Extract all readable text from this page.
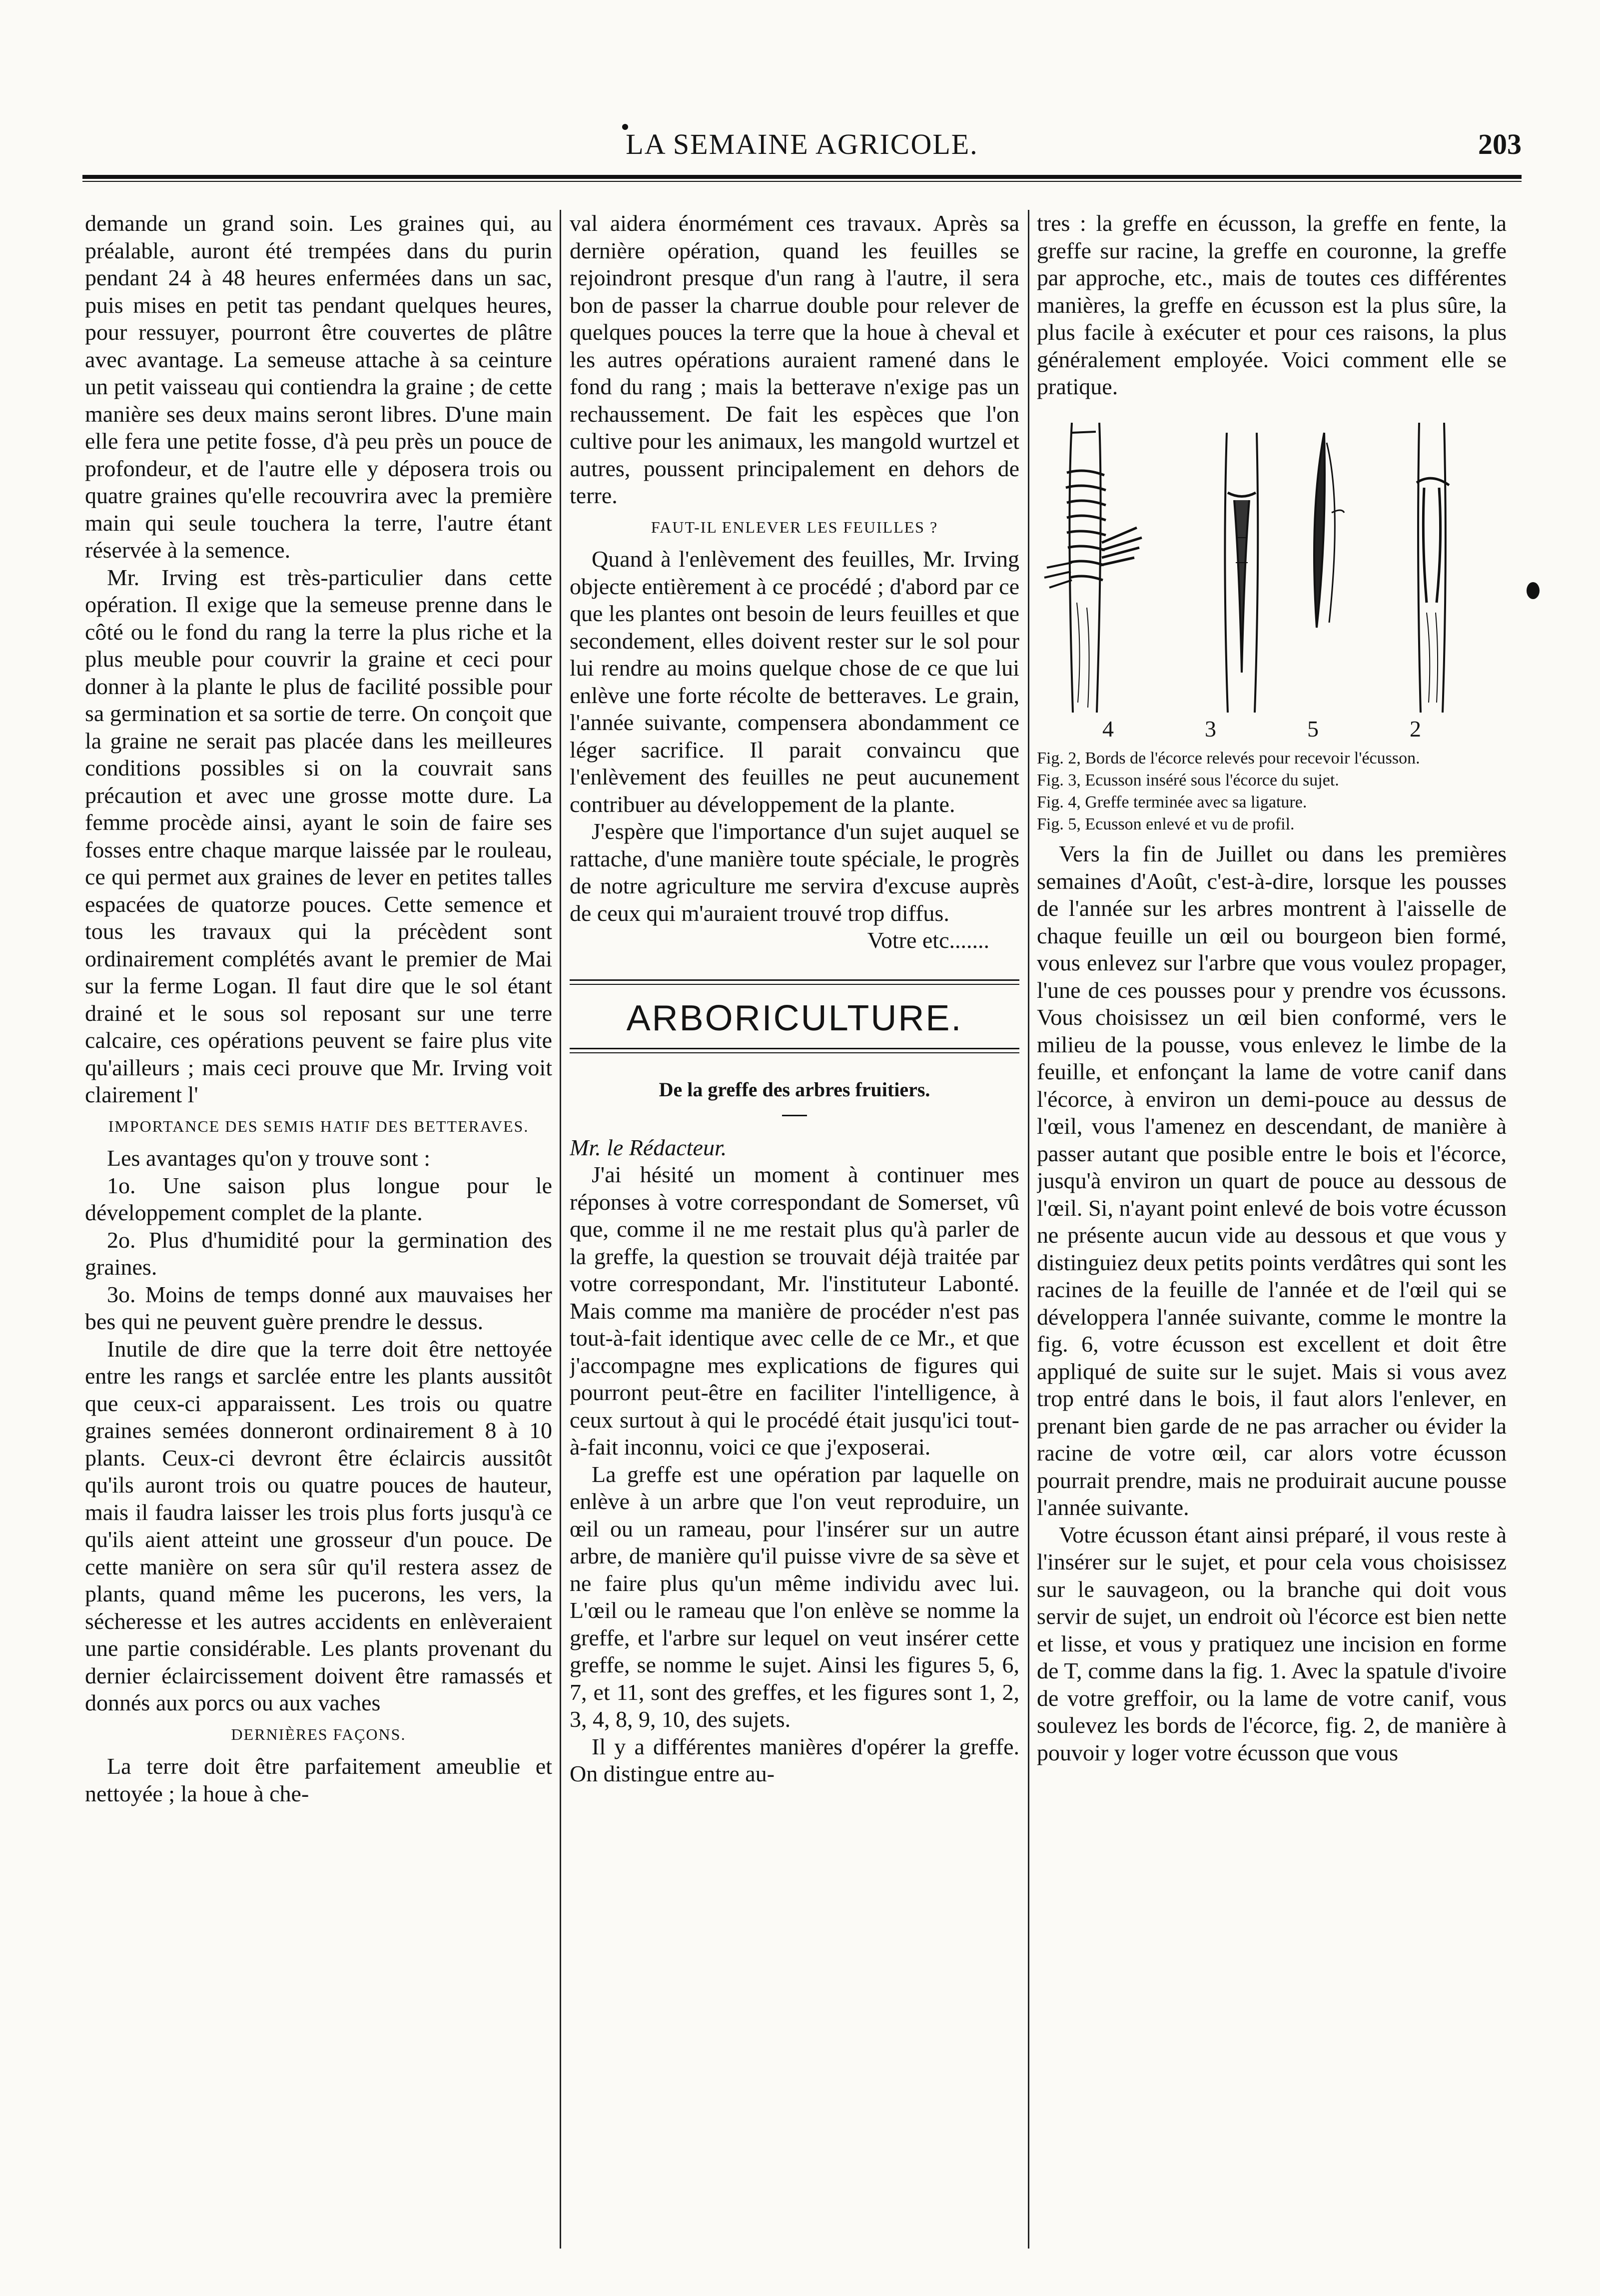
LA SEMAINE AGRICOLE.	203

demande un grand soin. Les graines qui, au préalable, auront été trempées dans du purin pendant 24 à 48 heures enfermées dans un sac, puis mises en petit tas pendant quelques heures, pour ressuyer, pourront être couvertes de plâtre avec avantage. La semeuse attache à sa ceinture un petit vaisseau qui contiendra la graine ; de cette manière ses deux mains seront libres. D'une main elle fera une petite fosse, d'à peu près un pouce de profondeur, et de l'autre elle y déposera trois ou quatre graines qu'elle recouvrira avec la première main qui seule touchera la terre, l'autre étant réservée à la semence.

Mr. Irving est très-particulier dans cette opération. Il exige que la semeuse prenne dans le côté ou le fond du rang la terre la plus riche et la plus meuble pour couvrir la graine et ceci pour donner à la plante le plus de facilité possible pour sa germination et sa sortie de terre. On conçoit que la graine ne serait pas placée dans les meilleures conditions possibles si on la couvrait sans précaution et avec une grosse motte dure. La femme procède ainsi, ayant le soin de faire ses fosses entre chaque marque laissée par le rouleau, ce qui permet aux graines de lever en petites talles espacées de quatorze pouces. Cette semence et tous les travaux qui la précèdent sont ordinairement complétés avant le premier de Mai sur la ferme Logan. Il faut dire que le sol étant drainé et le sous sol reposant sur une terre calcaire, ces opérations peuvent se faire plus vite qu'ailleurs ; mais ceci prouve que Mr. Irving voit clairement l'

IMPORTANCE DES SEMIS HATIF DES BETTERAVES.

Les avantages qu'on y trouve sont :

1o. Une saison plus longue pour le développement complet de la plante.

2o. Plus d'humidité pour la germination des graines.

3o. Moins de temps donné aux mauvaises her bes qui ne peuvent guère prendre le dessus.

Inutile de dire que la terre doit être nettoyée entre les rangs et sarclée entre les plants aussitôt que ceux-ci apparaissent. Les trois ou quatre graines semées donneront ordinairement 8 à 10 plants. Ceux-ci devront être éclaircis aussitôt qu'ils auront trois ou quatre pouces de hauteur, mais il faudra laisser les trois plus forts jusqu'à ce qu'ils aient atteint une grosseur d'un pouce. De cette manière on sera sûr qu'il restera assez de plants, quand même les pucerons, les vers, la sécheresse et les autres accidents en enlèveraient une partie considérable. Les plants provenant du dernier éclaircissement doivent être ramassés et donnés aux porcs ou aux vaches

DERNIÈRES FAÇONS.

La terre doit être parfaitement ameublie et nettoyée ; la houe à che-

val aidera énormément ces travaux. Après sa dernière opération, quand les feuilles se rejoindront presque d'un rang à l'autre, il sera bon de passer la charrue double pour relever de quelques pouces la terre que la houe à cheval et les autres opérations auraient ramené dans le fond du rang ; mais la betterave n'exige pas un rechaussement. De fait les espèces que l'on cultive pour les animaux, les mangold wurtzel et autres, poussent principalement en dehors de terre.

FAUT-IL ENLEVER LES FEUILLES ?

Quand à l'enlèvement des feuilles, Mr. Irving objecte entièrement à ce procédé ; d'abord par ce que les plantes ont besoin de leurs feuilles et que secondement, elles doivent rester sur le sol pour lui rendre au moins quelque chose de ce que lui enlève une forte récolte de betteraves. Le grain, l'année suivante, compensera abondamment ce léger sacrifice. Il parait convaincu que l'enlèvement des feuilles ne peut aucunement contribuer au développement de la plante.

J'espère que l'importance d'un sujet auquel se rattache, d'une manière toute spéciale, le progrès de notre agriculture me servira d'excuse auprès de ceux qui m'auraient trouvé trop diffus.

Votre etc.......

ARBORICULTURE.
De la greffe des arbres fruitiers.

Mr. le Rédacteur.

J'ai hésité un moment à continuer mes réponses à votre correspondant de Somerset, vû que, comme il ne me restait plus qu'à parler de la greffe, la question se trouvait déjà traitée par votre correspondant, Mr. l'instituteur Labonté. Mais comme ma manière de procéder n'est pas tout-à-fait identique avec celle de ce Mr., et que j'accompagne mes explications de figures qui pourront peut-être en faciliter l'intelligence, à ceux surtout à qui le procédé était jusqu'ici tout-à-fait inconnu, voici ce que j'exposerai.

La greffe est une opération par laquelle on enlève à un arbre que l'on veut reproduire, un œil ou un rameau, pour l'insérer sur un autre arbre, de manière qu'il puisse vivre de sa sève et ne faire plus qu'un même individu avec lui. L'œil ou le rameau que l'on enlève se nomme la greffe, et l'arbre sur lequel on veut insérer cette greffe, se nomme le sujet. Ainsi les figures 5, 6, 7, et 11, sont des greffes, et les figures sont 1, 2, 3, 4, 8, 9, 10, des sujets.

Il y a différentes manières d'opérer la greffe. On distingue entre au-

tres : la greffe en écusson, la greffe en fente, la greffe sur racine, la greffe en couronne, la greffe par approche, etc., mais de toutes ces différentes manières, la greffe en écusson est la plus sûre, la plus facile à exécuter et pour ces raisons, la plus généralement employée. Voici comment elle se pratique.

4	3	5	2

Fig. 2, Bords de l'écorce relevés pour recevoir l'écusson.

Fig. 3, Ecusson inséré sous l'écorce du sujet.

Fig. 4, Greffe terminée avec sa ligature.

Fig. 5, Ecusson enlevé et vu de profil.

Vers la fin de Juillet ou dans les premières semaines d'Août, c'est-à-dire, lorsque les pousses de l'année sur les arbres montrent à l'aisselle de chaque feuille un œil ou bourgeon bien formé, vous enlevez sur l'arbre que vous voulez propager, l'une de ces pousses pour y prendre vos écussons. Vous choisissez un œil bien conformé, vers le milieu de la pousse, vous enlevez le limbe de la feuille, et enfonçant la lame de votre canif dans l'écorce, à environ un demi-pouce au dessus de l'œil, vous l'amenez en descendant, de manière à passer autant que posible entre le bois et l'écorce, jusqu'à environ un quart de pouce au dessous de l'œil. Si, n'ayant point enlevé de bois votre écusson ne présente aucun vide au dessous et que vous y distinguiez deux petits points verdâtres qui sont les racines de la feuille de l'année et de l'œil qui se développera l'année suivante, comme le montre la fig. 6, votre écusson est excellent et doit être appliqué de suite sur le sujet. Mais si vous avez trop entré dans le bois, il faut alors l'enlever, en prenant bien garde de ne pas arracher ou évider la racine de votre œil, car alors votre écusson pourrait prendre, mais ne produirait aucune pousse l'année suivante.

Votre écusson étant ainsi préparé, il vous reste à l'insérer sur le sujet, et pour cela vous choisissez sur le sauvageon, ou la branche qui doit vous servir de sujet, un endroit où l'écorce est bien nette et lisse, et vous y pratiquez une incision en forme de T, comme dans la fig. 1. Avec la spatule d'ivoire de votre greffoir, ou la lame de votre canif, vous soulevez les bords de l'écorce, fig. 2, de manière à pouvoir y loger votre écusson que vous
